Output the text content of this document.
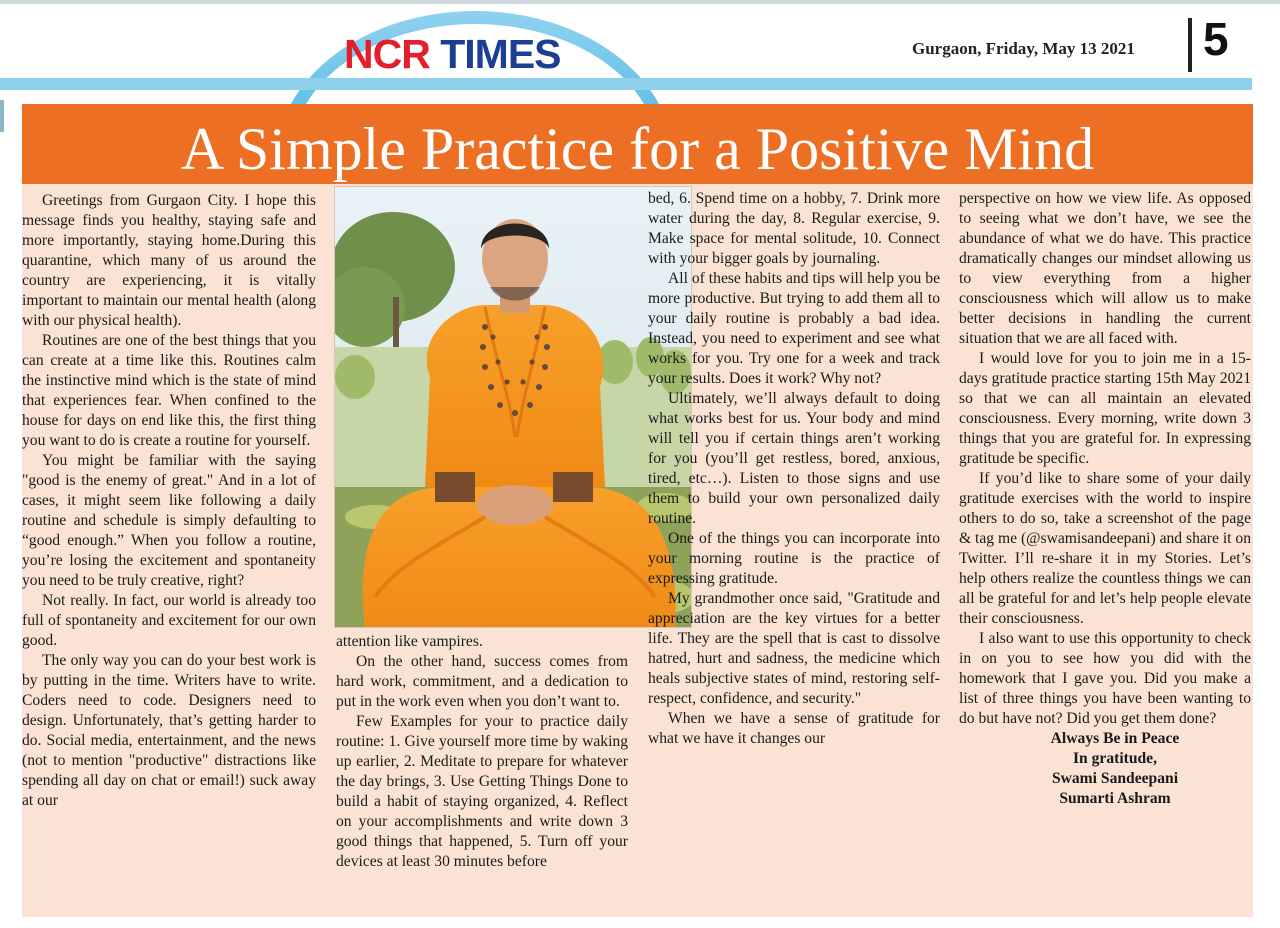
NCR TIMES	Gurgaon, Friday, May 13 2021 5
A Simple Practice for a Positive Mind

Greetings from Gurgaon City. I hope this message finds you healthy, staying safe and more importantly, staying home.During this quarantine, which many of us around the country are experiencing, it is vitally important to maintain our mental health (along with our physical health).

Routines are one of the best things that you can create at a time like this. Routines calm the instinctive mind which is the state of mind that experiences fear. When confined to the house for days on end like this, the first thing you want to do is create a routine for yourself.

You might be familiar with the saying "good is the enemy of great." And in a lot of cases, it might seem like following a daily routine and schedule is simply defaulting to “good enough.” When you follow a routine, you’re losing the excitement and spontaneity you need to be truly creative, right?

Not really. In fact, our world is already too full of spontaneity and excitement for our own good.

The only way you can do your best work is by putting in the time. Writers have to write. Coders need to code. Designers need to design. Unfortunately, that’s getting harder to do. Social media, entertainment, and the news (not to mention "productive" distractions like spending all day on chat or email!) suck away at our

attention like vampires.

On the other hand, success comes from hard work, commitment, and a dedication to put in the work even when you don’t want to.

Few Examples for your to practice daily routine: 1. Give yourself more time by waking up earlier, 2. Meditate to prepare for whatever the day brings, 3. Use Getting Things Done to build a habit of staying organized, 4. Reflect on your accomplishments and write down 3 good things that happened, 5. Turn off your devices at least 30 minutes before

bed, 6. Spend time on a hobby, 7. Drink more water during the day, 8. Regular exercise, 9. Make space for mental solitude, 10. Connect with your bigger goals by journaling.

All of these habits and tips will help you be more productive. But trying to add them all to your daily routine is probably a bad idea. Instead, you need to experiment and see what works for you. Try one for a week and track your results. Does it work? Why not?

Ultimately, we’ll always default to doing what works best for us. Your body and mind will tell you if certain things aren’t working for you (you’ll get restless, bored, anxious, tired, etc…). Listen to those signs and use them to build your own personalized daily routine.

One of the things you can incorporate into your morning routine is the practice of expressing gratitude.

My grandmother once said, "Gratitude and appreciation are the key virtues for a better life. They are the spell that is cast to dissolve hatred, hurt and sadness, the medicine which heals subjective states of mind, restoring self-respect, confidence, and security."

When we have a sense of gratitude for what we have it changes our

perspective on how we view life. As opposed to seeing what we don’t have, we see the abundance of what we do have. This practice dramatically changes our mindset allowing us to view everything from a higher consciousness which will allow us to make better decisions in handling the current situation that we are all faced with.

I would love for you to join me in a 15-days gratitude practice starting 15th May 2021 so that we can all maintain an elevated consciousness. Every morning, write down 3 things that you are grateful for. In expressing gratitude be specific.

If you’d like to share some of your daily gratitude exercises with the world to inspire others to do so, take a screenshot of the page & tag me (@swamisandeepani) and share it on Twitter. I’ll re-share it in my Stories. Let’s help others realize the countless things we can all be grateful for and let’s help people elevate their consciousness.

I also want to use this opportunity to check in on you to see how you did with the homework that I gave you. Did you make a list of three things you have been wanting to do but have not? Did you get them done?

Always Be in Peace

In gratitude,

Swami Sandeepani

Sumarti Ashram
